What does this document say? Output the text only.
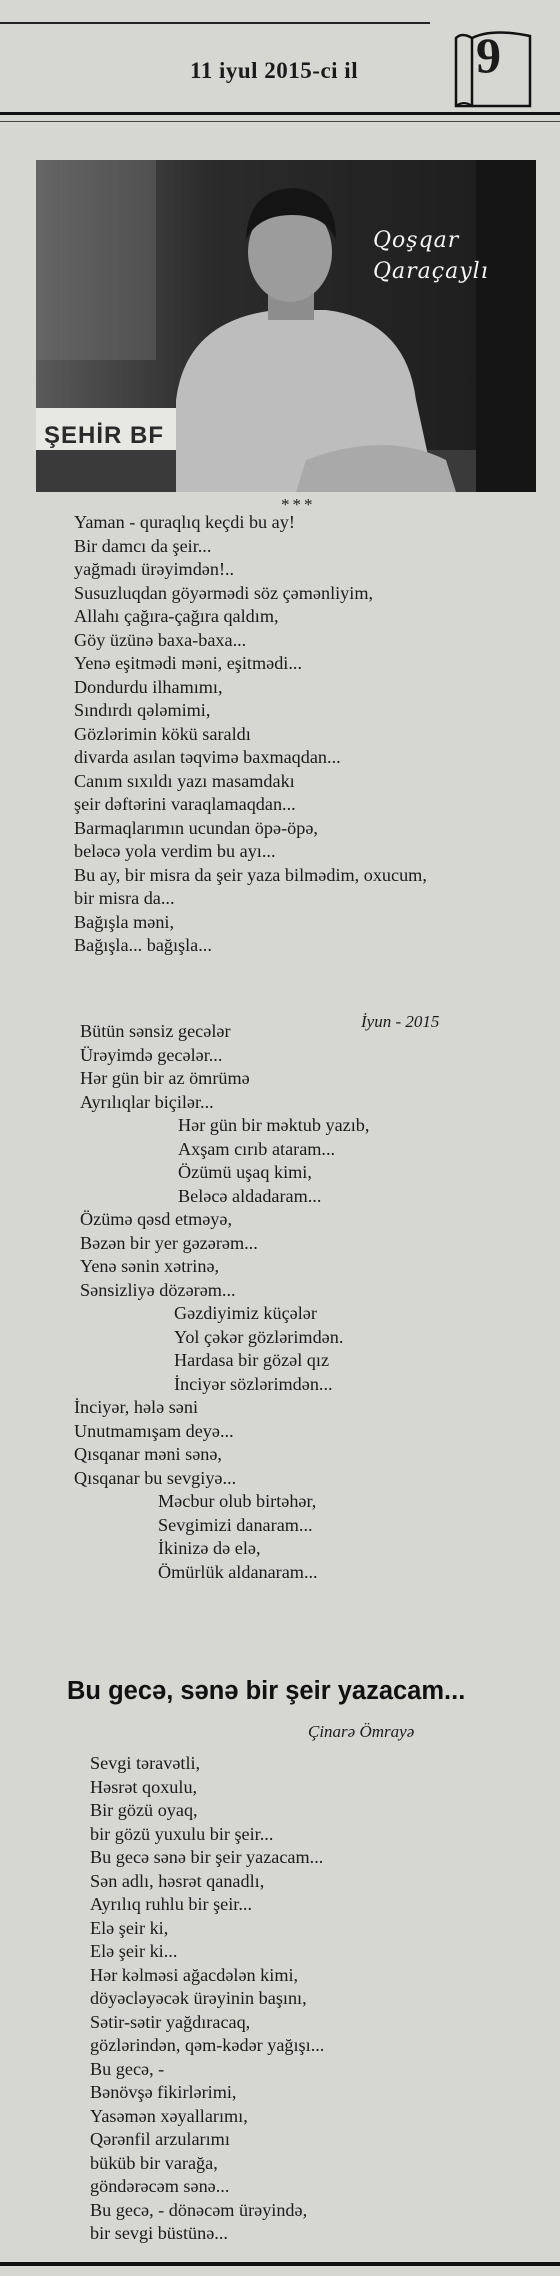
11 iyul 2015-ci il 9
ŞEHİR BF
Qoşqar
Qaraçaylı
***
Yaman - quraqlıq keçdi bu ay!
Bir damcı da şeir...
yağmadı ürəyimdən!..
Susuzluqdan göyərmədi söz çəmənliyim,
Allahı çağıra-çağıra qaldım,
Göy üzünə baxa-baxa...
Yenə eşitmədi məni, eşitmədi...
Dondurdu ilhamımı,
Sındırdı qələmimi,
Gözlərimin kökü saraldı
divarda asılan təqvimə baxmaqdan...
Canım sıxıldı yazı masamdakı
şeir dəftərini varaqlamaqdan...
Barmaqlarımın ucundan öpə-öpə,
beləcə yola verdim bu ayı...
Bu ay, bir misra da şeir yaza bilmədim, oxucum,
bir misra da...
Bağışla məni,
Bağışla... bağışla...
İyun - 2015
Bütün sənsiz gecələr
Ürəyimdə gecələr...
Hər gün bir az ömrümə
Ayrılıqlar biçilər...
Hər gün bir məktub yazıb,
Axşam cırıb ataram...
Özümü uşaq kimi,
Beləcə aldadaram...
Özümə qəsd etməyə,
Bəzən bir yer gəzərəm...
Yenə sənin xətrinə,
Sənsizliyə dözərəm...
Gəzdiyimiz küçələr
Yol çəkər gözlərimdən.
Hardasa bir gözəl qız
İnciyər sözlərimdən...
İnciyər, hələ səni
Unutmamışam deyə...
Qısqanar məni sənə,
Qısqanar bu sevgiyə...
Məcbur olub birtəhər,
Sevgimizi danaram...
İkinizə də elə,
Ömürlük aldanaram...
Bu gecə, sənə bir şeir yazacam...
Çinarə Ömrayə
Sevgi təravətli,
Həsrət qoxulu,
Bir gözü oyaq,
bir gözü yuxulu bir şeir...
Bu gecə sənə bir şeir yazacam...
Sən adlı, həsrət qanadlı,
Ayrılıq ruhlu bir şeir...
Elə şeir ki,
Elə şeir ki...
Hər kəlməsi ağacdələn kimi,
döyəcləyəcək ürəyinin başını,
Sətir-sətir yağdıracaq,
gözlərindən, qəm-kədər yağışı...
Bu gecə, -
Bənövşə fikirlərimi,
Yasəmən xəyallarımı,
Qərənfil arzularımı
büküb bir varağa,
göndərəcəm sənə...
Bu gecə, - dönəcəm ürəyində,
bir sevgi büstünə...
